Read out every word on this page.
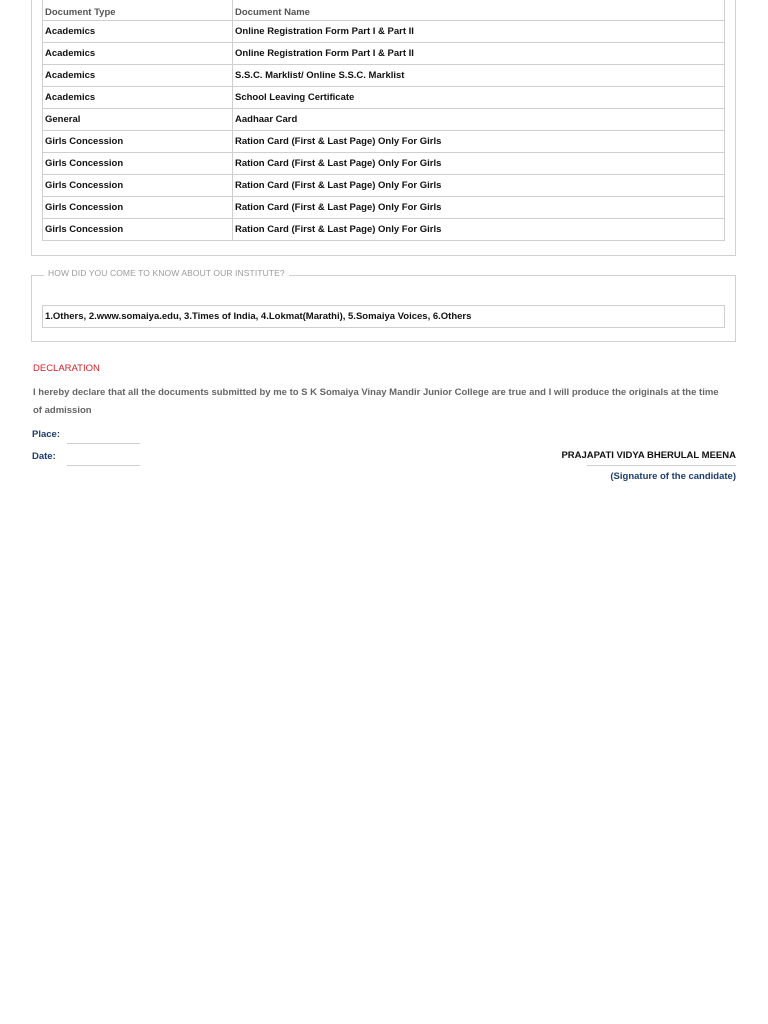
Document Type	Document Name
Academics	Online Registration Form Part I & Part II
Academics	Online Registration Form Part I & Part II
Academics	S.S.C. Marklist/ Online S.S.C. Marklist
Academics	School Leaving Certificate
General	Aadhaar Card
Girls Concession	Ration Card (First & Last Page) Only For Girls
Girls Concession	Ration Card (First & Last Page) Only For Girls
Girls Concession	Ration Card (First & Last Page) Only For Girls
Girls Concession	Ration Card (First & Last Page) Only For Girls
Girls Concession	Ration Card (First & Last Page) Only For Girls
HOW DID YOU COME TO KNOW ABOUT OUR INSTITUTE?
1.Others, 2.www.somaiya.edu, 3.Times of India, 4.Lokmat(Marathi), 5.Somaiya Voices, 6.Others
DECLARATION
I hereby declare that all the documents submitted by me to S K Somaiya Vinay Mandir Junior College are true and I will produce the originals at the time of admission
Place:
Date:	PRAJAPATI VIDYA BHERULAL MEENA
(Signature of the candidate)
